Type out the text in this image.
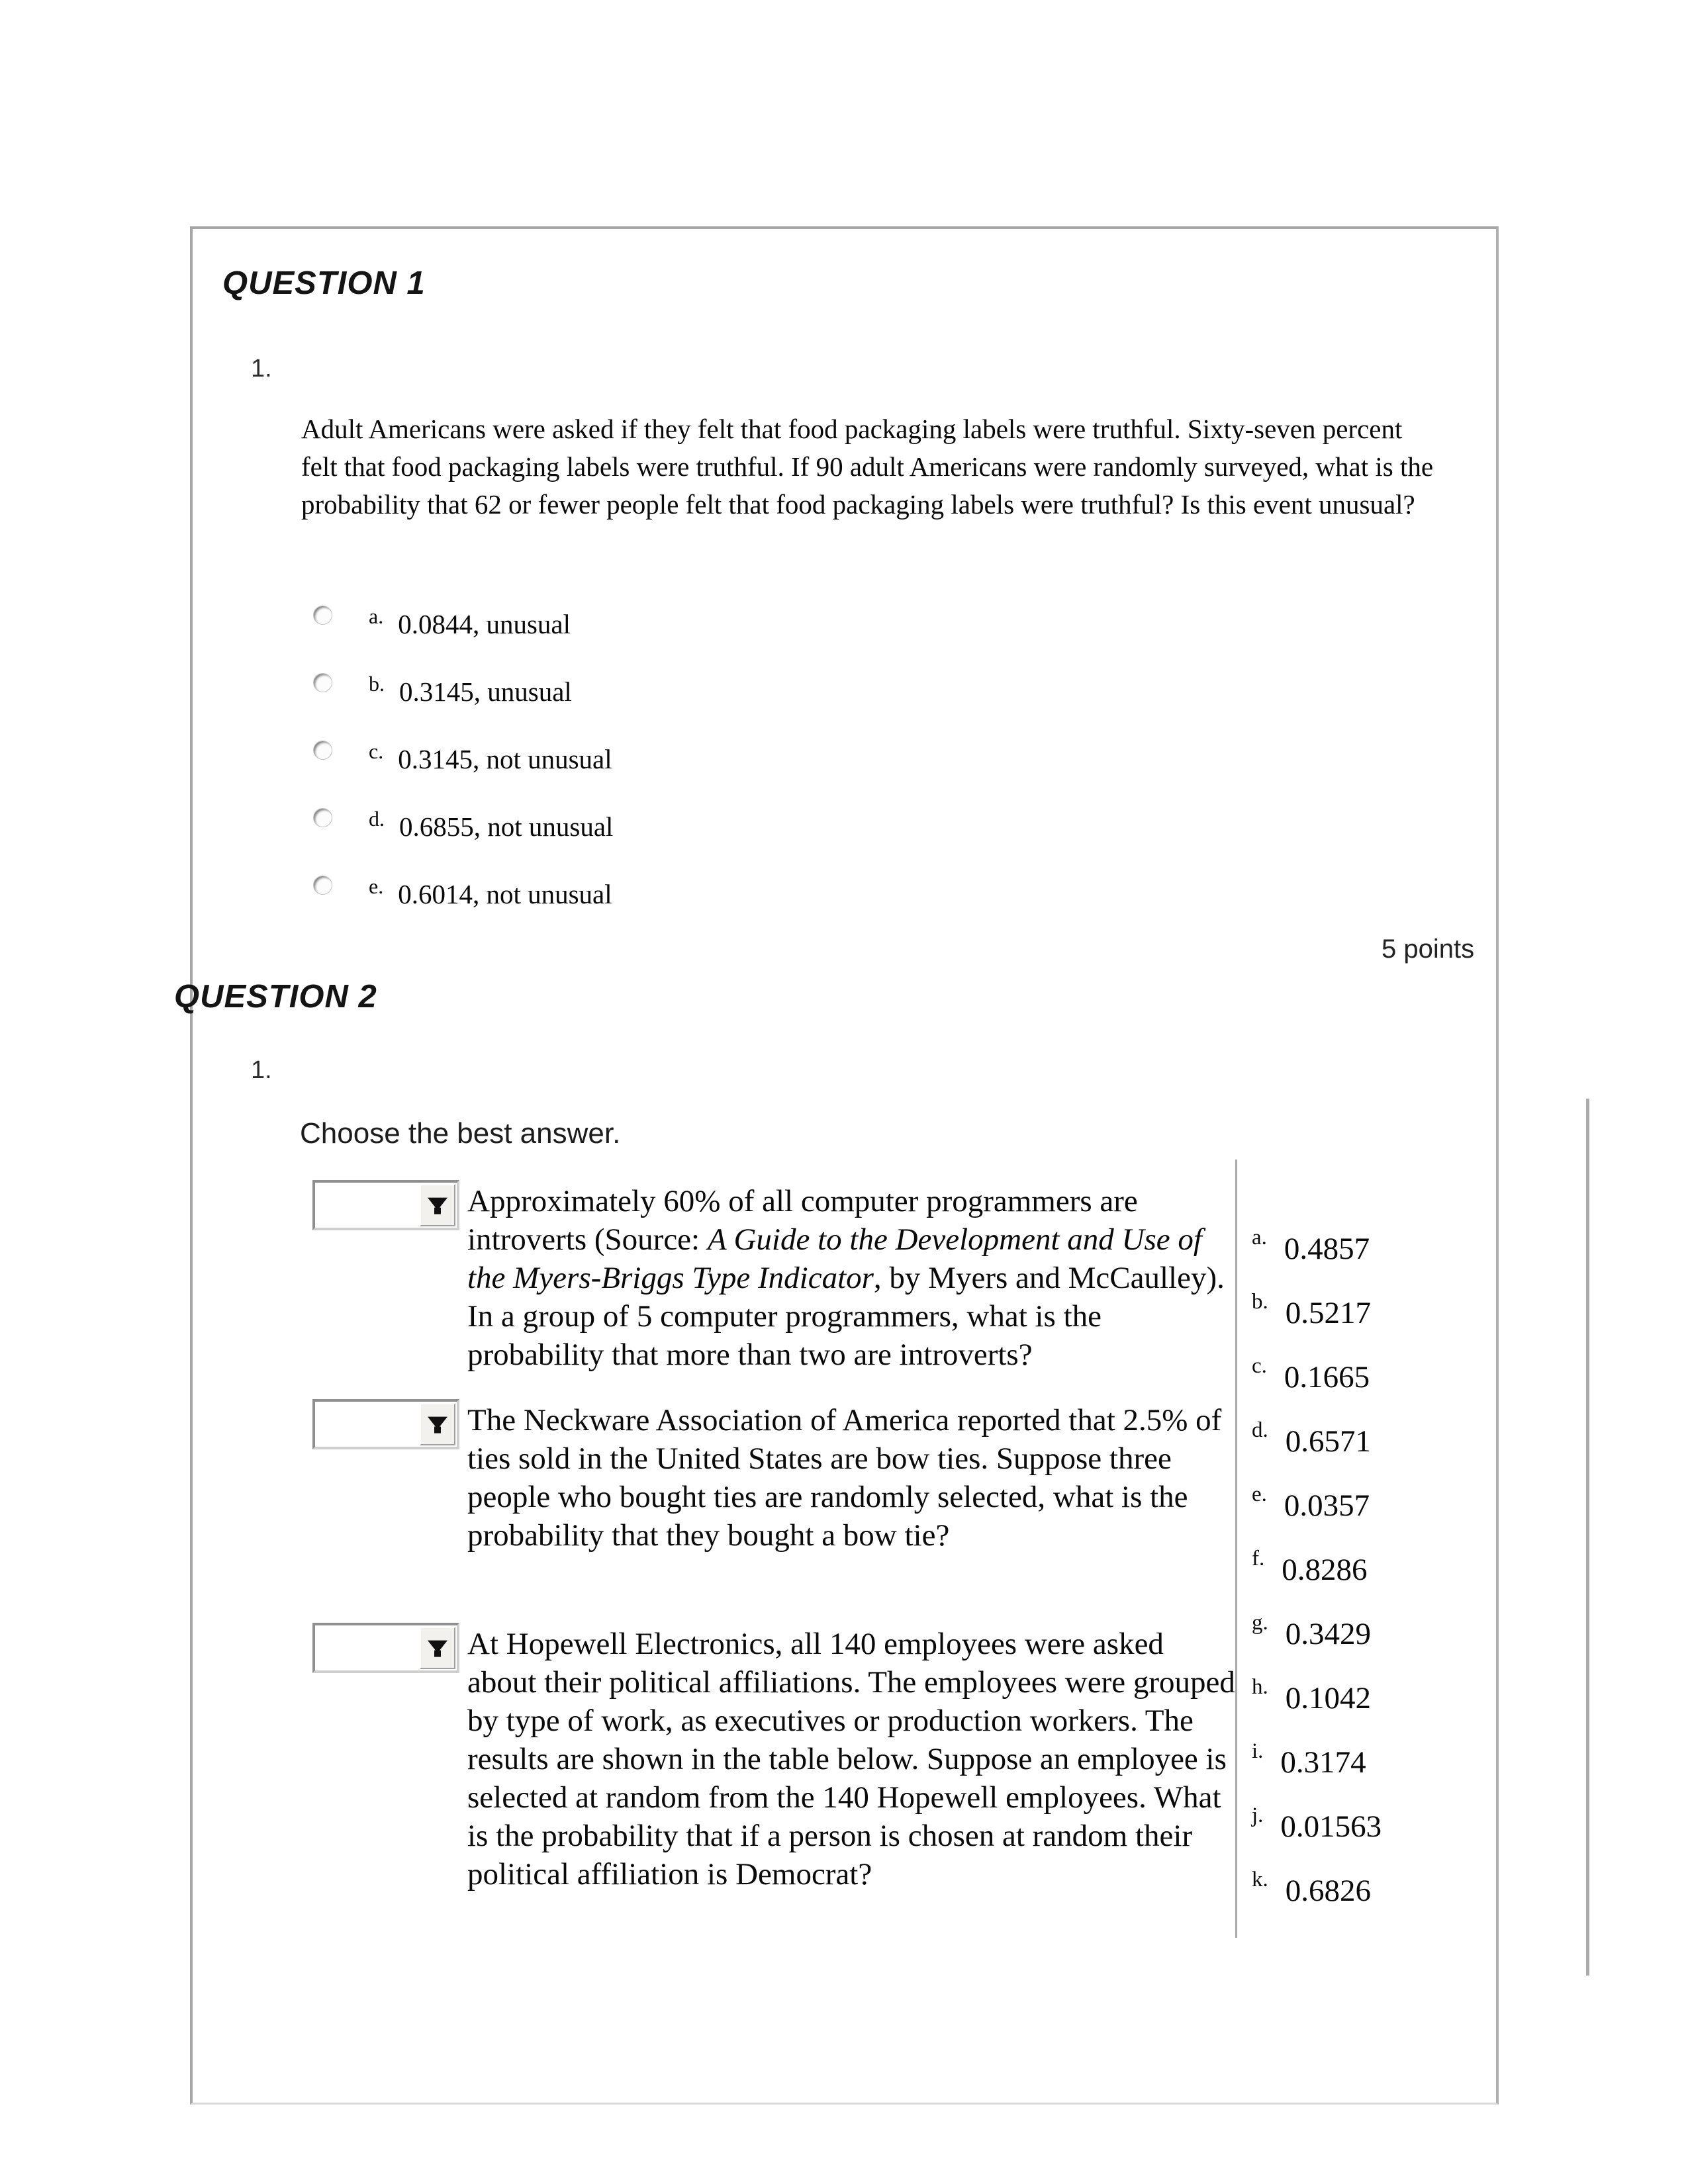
QUESTION 1
1.
Adult Americans were asked if they felt that food packaging labels were truthful. Sixty-seven percent felt that food packaging labels were truthful. If 90 adult Americans were randomly surveyed, what is the probability that 62 or fewer people felt that food packaging labels were truthful? Is this event unusual?
a. 0.0844, unusual
b. 0.3145, unusual
c. 0.3145, not unusual
d. 0.6855, not unusual
e. 0.6014, not unusual
5 points
QUESTION 2
1.
Choose the best answer.
Approximately 60% of all computer programmers are introverts (Source: A Guide to the Development and Use of the Myers-Briggs Type Indicator, by Myers and McCaulley). In a group of 5 computer programmers, what is the probability that more than two are introverts?
The Neckware Association of America reported that 2.5% of ties sold in the United States are bow ties. Suppose three people who bought ties are randomly selected, what is the probability that they bought a bow tie?
At Hopewell Electronics, all 140 employees were asked about their political affiliations. The employees were grouped by type of work, as executives or production workers. The results are shown in the table below. Suppose an employee is selected at random from the 140 Hopewell employees. What is the probability that if a person is chosen at random their political affiliation is Democrat?
a. 0.4857
b. 0.5217
c. 0.1665
d. 0.6571
e. 0.0357
f. 0.8286
g. 0.3429
h. 0.1042
i. 0.3174
j. 0.01563
k. 0.6826
